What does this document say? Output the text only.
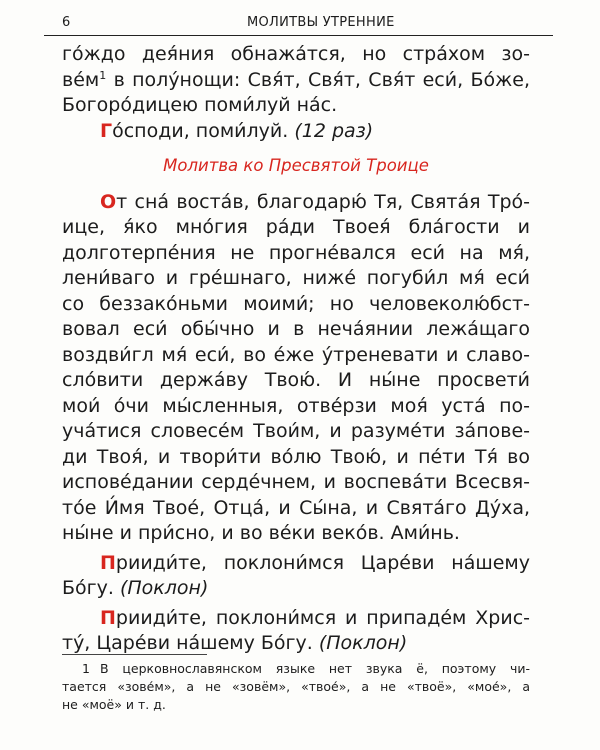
6	МОЛИТВЫ УТРЕННИЕ
го́ждо дея́ния обнажа́тся, но стра́хом зо-
$ве́м^1$ в полу́нощи: Свя́т, Свя́т, Свя́т еси́, Бо́же,
Богоро́дицею поми́луй на́с.
Го́споди, поми́луй. (12 раз)
Молитва ко Пресвятой Троице
От сна́ воста́в, благодарю́ Тя, Свята́я Тро́-
ице, я́ко мно́гия ра́ди Твоея́ бла́гости и
долготерпе́ния не прогне́вался еси́ на мя́,
лени́ваго и гре́шнаго, ниже́ погуби́л мя́ еси́
со беззако́ньми моими́; но человеколю́бст-
вовал еси́ обы́чно и в неча́янии лежа́щаго
воздви́гл мя́ еси́, во е́же у́треневати и славо-
сло́вити держа́ву Твою́. И ны́не просвети́
мои́ о́чи мы́сленныя, отве́рзи моя́ уста́ по-
уча́тися словесе́м Твои́м, и разуме́ти за́пове-
ди Твоя́, и твори́ти во́лю Твою́, и пе́ти Тя́ во
испове́дании серде́чнем, и воспева́ти Всесвя-
то́е И́мя Твое́, Отца́, и Сы́на, и Свята́го Ду́ха,
ны́не и при́сно, и во ве́ки веко́в. Ами́нь.
Прииди́те, поклони́мся Царе́ви на́шему
Бо́гу. (Поклон)
Прииди́те, поклони́мся и припаде́м Хрис-
ту́, Царе́ви на́шему Бо́гу. (Поклон)
1 В церковнославянском языке нет звука ё, поэтому чи-
тается «зове́м», а не «зовём», «твое́», а не «твоё», «мое́», а
не «моё» и т. д.
